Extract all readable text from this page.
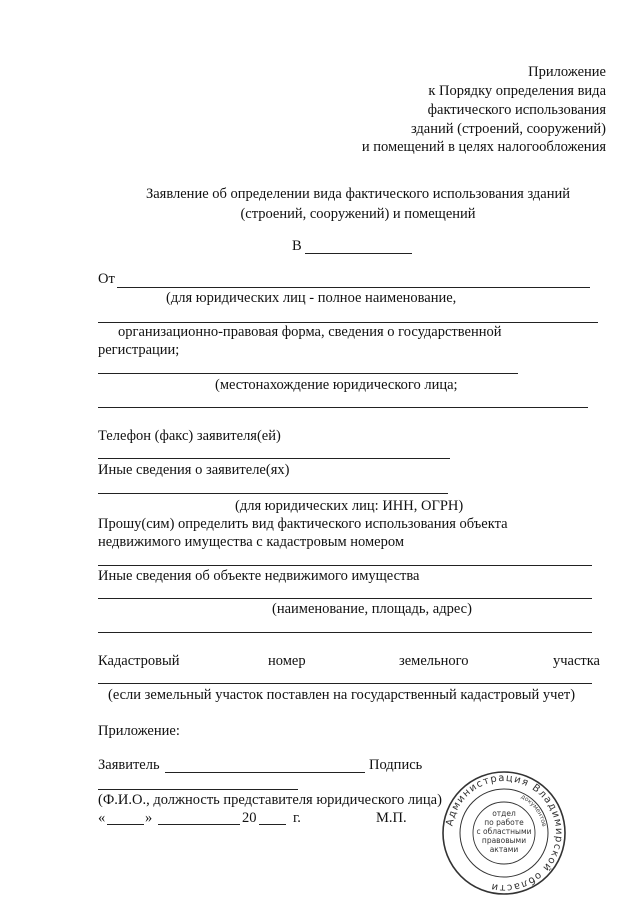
Приложение
к Порядку определения вида
фактического использования
зданий (строений, сооружений)
и помещений в целях налогообложения
Заявление об определении вида фактического использования зданий
(строений, сооружений) и помещений
В
От
(для юридических лиц - полное наименование,
организационно-правовая форма, сведения о государственной
регистрации;
(местонахождение юридического лица;
Телефон (факс) заявителя(ей)
Иные сведения о заявителе(ях)
(для юридических лиц: ИНН, ОГРН)
Прошу(сим) определить вид фактического использования объекта
недвижимого имущества с кадастровым номером
Иные сведения об объекте недвижимого имущества
(наименование, площадь, адрес)
Кадастровый	номер	земельного	участка
(если земельный участок поставлен на государственный кадастровый учет)
Приложение:
Заявитель	Подпись
(Ф.И.О., должность представителя юридического лица)
«	»	20	г.	М.П.	Администрация Владимирской области
документов
отдел
по работе
с областными
правовыми
актами
